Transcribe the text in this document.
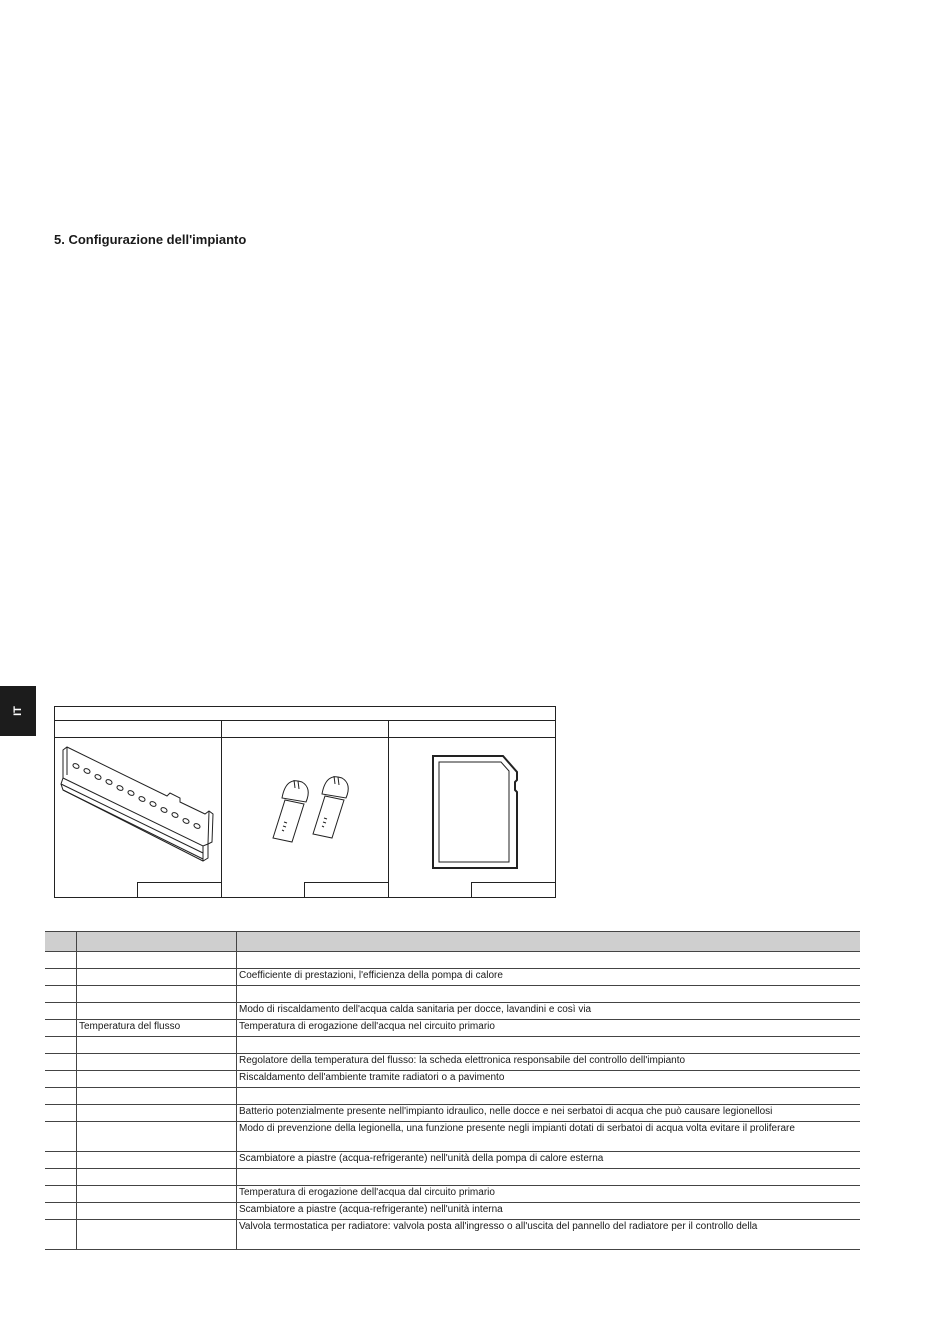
5. Configurazione dell'impianto
IT

		Coefficiente di prestazioni, l'efficienza della pompa di calore

		Modo di riscaldamento dell'acqua calda sanitaria per docce, lavandini e così via
	Temperatura del flusso	Temperatura di erogazione dell'acqua nel circuito primario

		Regolatore della temperatura del flusso: la scheda elettronica responsabile del controllo dell'impianto
		Riscaldamento dell'ambiente tramite radiatori o a pavimento

		Batterio potenzialmente presente nell'impianto idraulico, nelle docce e nei serbatoi di acqua che può causare legionellosi
		Modo di prevenzione della legionella, una funzione presente negli impianti dotati di serbatoi di acqua volta evitare il proliferare
		Scambiatore a piastre (acqua-refrigerante) nell'unità della pompa di calore esterna

		Temperatura di erogazione dell'acqua dal circuito primario
		Scambiatore a piastre (acqua-refrigerante) nell'unità interna
		Valvola termostatica per radiatore: valvola posta all'ingresso o all'uscita del pannello del radiatore per il controllo della
